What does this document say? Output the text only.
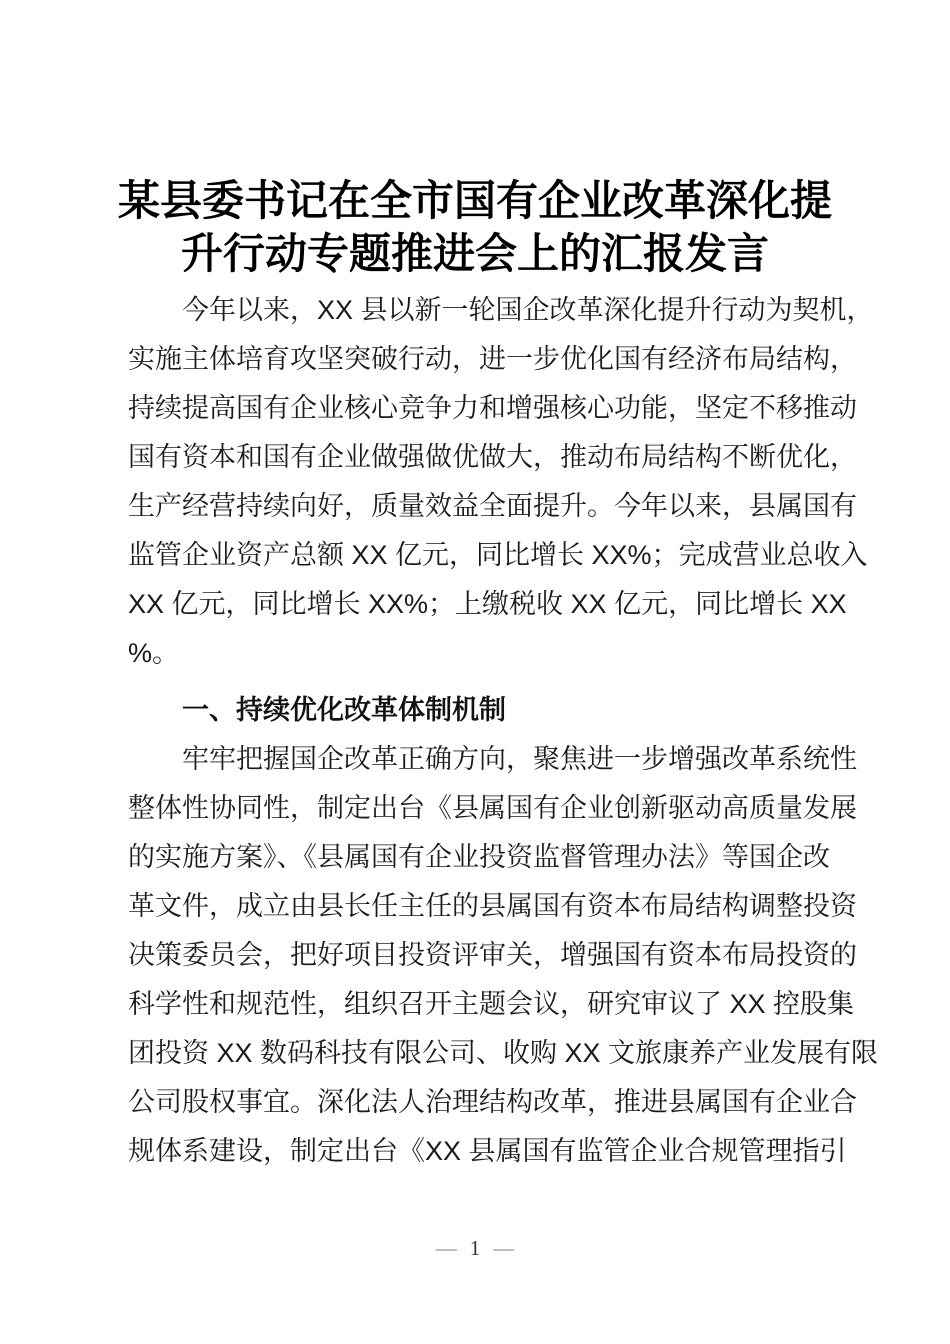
某县委书记在全市国有企业改革深化提
升行动专题推进会上的汇报发言
今年以来，XX 县以新一轮国企改革深化提升行动为契机，
实施主体培育攻坚突破行动，进一步优化国有经济布局结构，
持续提高国有企业核心竞争力和增强核心功能，坚定不移推动
国有资本和国有企业做强做优做大，推动布局结构不断优化，
生产经营持续向好，质量效益全面提升。今年以来，县属国有
监管企业资产总额 XX 亿元，同比增长 XX%；完成营业总收入
XX 亿元，同比增长 XX%；上缴税收 XX 亿元，同比增长 XX
%。
一、持续优化改革体制机制
牢牢把握国企改革正确方向，聚焦进一步增强改革系统性
整体性协同性，制定出台《县属国有企业创新驱动高质量发展
的实施方案》、《县属国有企业投资监督管理办法》等国企改
革文件，成立由县长任主任的县属国有资本布局结构调整投资
决策委员会，把好项目投资评审关，增强国有资本布局投资的
科学性和规范性，组织召开主题会议，研究审议了 XX 控股集
团投资 XX 数码科技有限公司、收购 XX 文旅康养产业发展有限
公司股权事宜。深化法人治理结构改革，推进县属国有企业合
规体系建设，制定出台《XX 县属国有监管企业合规管理指引
— 1 —
